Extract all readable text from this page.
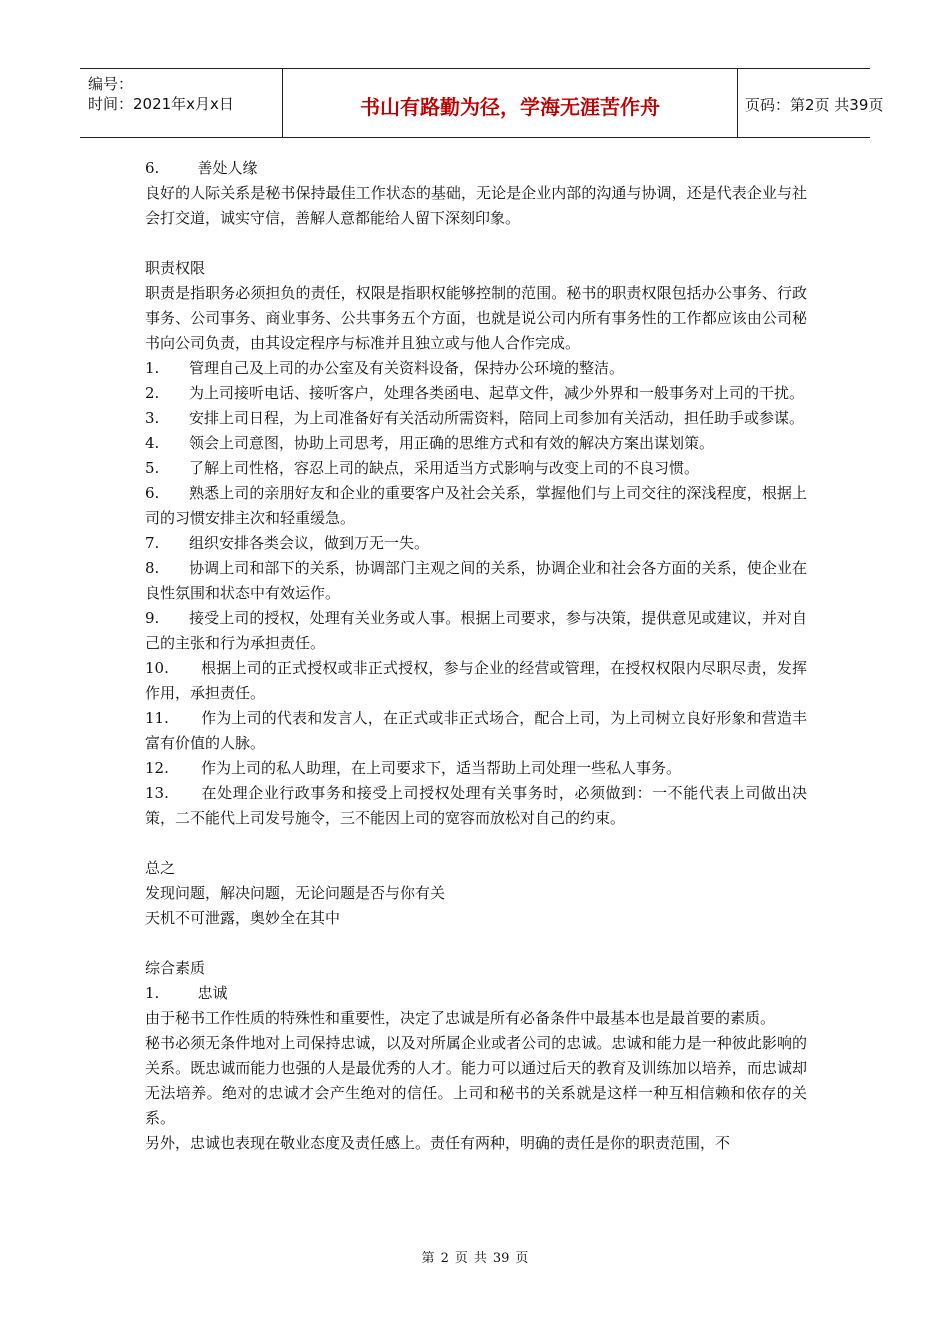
编号：
时间：2021年x月x日	书山有路勤为径，学海无涯苦作舟	页码：第2页 共39页

6.        善处人缘

良好的人际关系是秘书保持最佳工作状态的基础，无论是企业内部的沟通与协调，还是代表企业与社会打交道，诚实守信，善解人意都能给人留下深刻印象。

职责权限

职责是指职务必须担负的责任，权限是指职权能够控制的范围。秘书的职责权限包括办公事务、行政事务、公司事务、商业事务、公共事务五个方面，也就是说公司内所有事务性的工作都应该由公司秘书向公司负责，由其设定程序与标准并且独立或与他人合作完成。

1. 管理自己及上司的办公室及有关资料设备，保持办公环境的整洁。

2. 为上司接听电话、接听客户，处理各类函电、起草文件，减少外界和一般事务对上司的干扰。

3. 安排上司日程，为上司准备好有关活动所需资料，陪同上司参加有关活动，担任助手或参谋。

4. 领会上司意图，协助上司思考，用正确的思维方式和有效的解决方案出谋划策。

5. 了解上司性格，容忍上司的缺点，采用适当方式影响与改变上司的不良习惯。

6. 熟悉上司的亲朋好友和企业的重要客户及社会关系，掌握他们与上司交往的深浅程度，根据上司的习惯安排主次和轻重缓急。

7. 组织安排各类会议，做到万无一失。

8. 协调上司和部下的关系，协调部门主观之间的关系，协调企业和社会各方面的关系，使企业在良性氛围和状态中有效运作。

9. 接受上司的授权，处理有关业务或人事。根据上司要求，参与决策，提供意见或建议，并对自己的主张和行为承担责任。

10. 根据上司的正式授权或非正式授权，参与企业的经营或管理，在授权权限内尽职尽责，发挥作用，承担责任。

11. 作为上司的代表和发言人，在正式或非正式场合，配合上司，为上司树立良好形象和营造丰富有价值的人脉。

12. 作为上司的私人助理，在上司要求下，适当帮助上司处理一些私人事务。

13. 在处理企业行政事务和接受上司授权处理有关事务时，必须做到：一不能代表上司做出决策，二不能代上司发号施令，三不能因上司的宽容而放松对自己的约束。

总之

发现问题，解决问题，无论问题是否与你有关

天机不可泄露，奥妙全在其中

综合素质

1.        忠诚

由于秘书工作性质的特殊性和重要性，决定了忠诚是所有必备条件中最基本也是最首要的素质。

秘书必须无条件地对上司保持忠诚，以及对所属企业或者公司的忠诚。忠诚和能力是一种彼此影响的关系。既忠诚而能力也强的人是最优秀的人才。能力可以通过后天的教育及训练加以培养，而忠诚却无法培养。绝对的忠诚才会产生绝对的信任。上司和秘书的关系就是这样一种互相信赖和依存的关系。

另外，忠诚也表现在敬业态度及责任感上。责任有两种，明确的责任是你的职责范围，不

第 2 页 共 39 页
